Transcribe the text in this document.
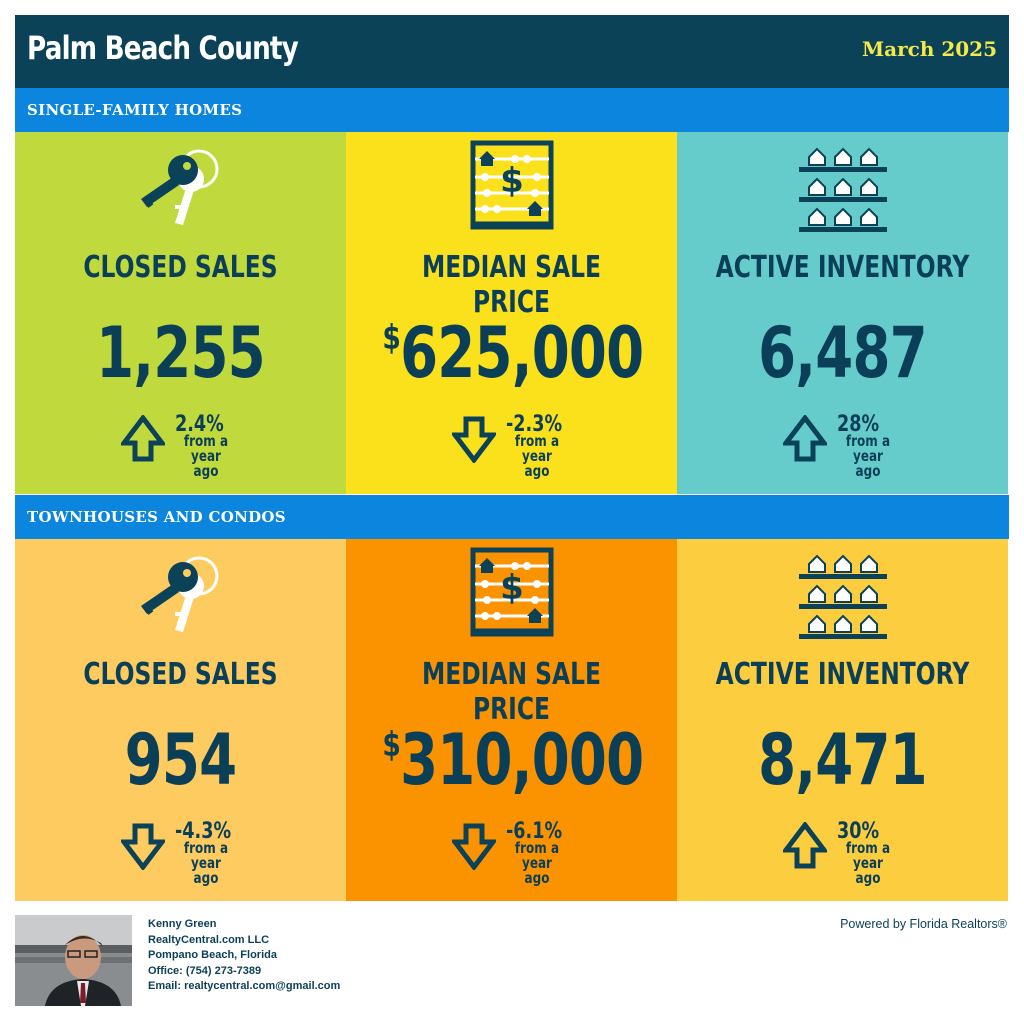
Palm Beach County	March 2025
SINGLE-FAMILY HOMES
CLOSED SALES
1,255
2.4%
from a
year ago
$
MEDIAN SALE PRICE
$625,000
-2.3%
from a
year ago
ACTIVE INVENTORY
6,487
28%
from a
year ago
TOWNHOUSES AND CONDOS
CLOSED SALES
954
-4.3%
from a
year ago
$
MEDIAN SALE PRICE
$310,000
-6.1%
from a
year ago
ACTIVE INVENTORY
8,471
30%
from a
year ago
Kenny Green
RealtyCentral.com LLC
Pompano Beach, Florida
Office: (754) 273-7389
Email: realtycentral.com@gmail.com
Powered by Florida Realtors®
